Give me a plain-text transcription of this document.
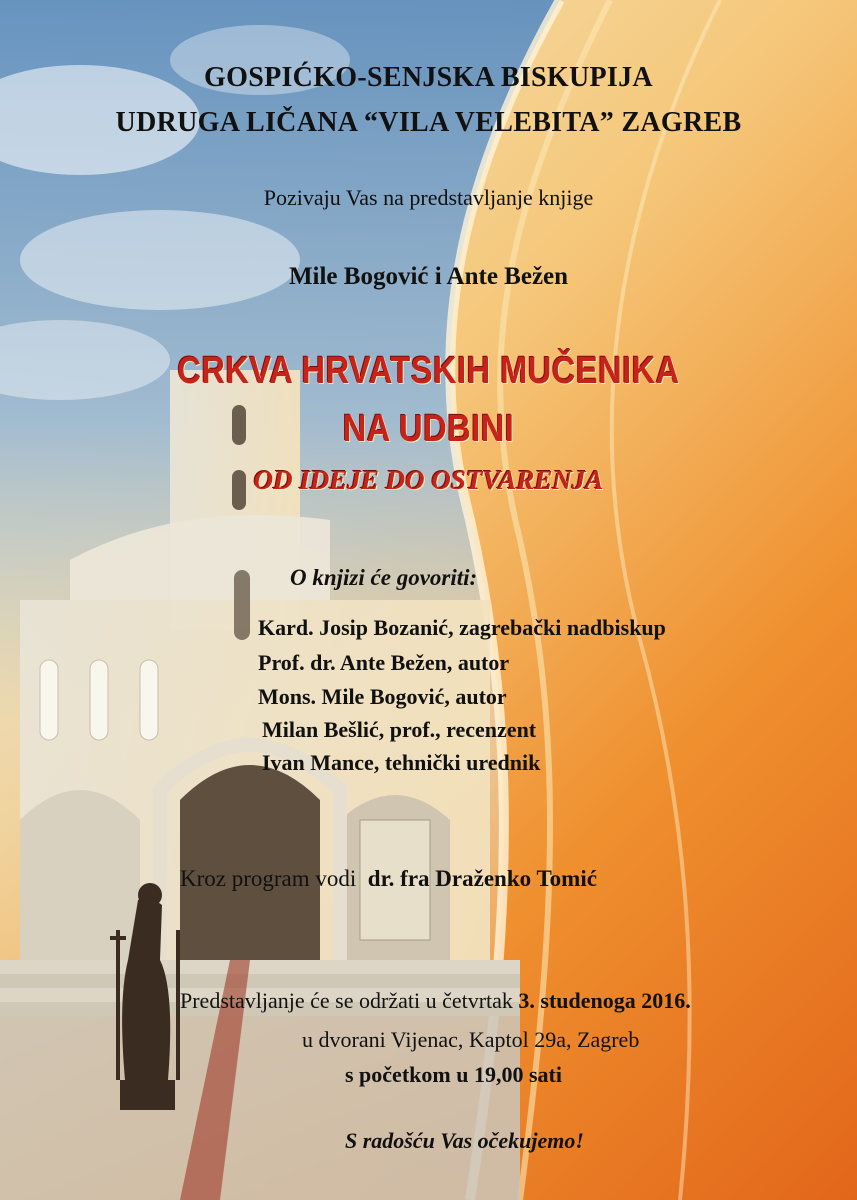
GOSPIĆKO-SENJSKA BISKUPIJA
UDRUGA LIČANA “VILA VELEBITA” ZAGREB
Pozivaju Vas na predstavljanje knjige
Mile Bogović i Ante Bežen
CRKVA HRVATSKIH MUČENIKA
NA UDBINI
OD IDEJE DO OSTVARENJA
O knjizi će govoriti:
Kard. Josip Bozanić, zagrebački nadbiskup
Prof. dr. Ante Bežen, autor
Mons. Mile Bogović, autor
Milan Bešlić, prof., recenzent
Ivan Mance, tehnički urednik
Kroz program vodi dr. fra Draženko Tomić
Predstavljanje će se održati u četvrtak 3. studenoga 2016.
u dvorani Vijenac, Kaptol 29a, Zagreb
s početkom u 19,00 sati
S radošću Vas očekujemo!
